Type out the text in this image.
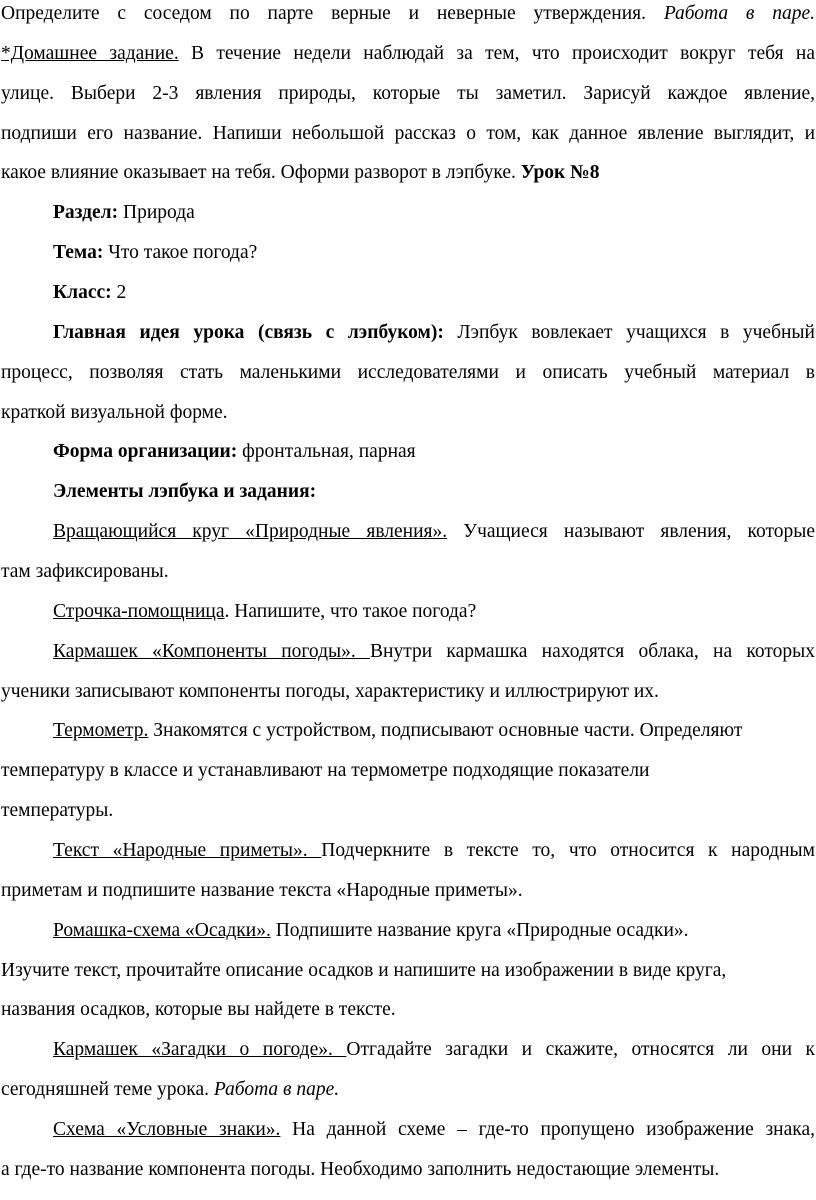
Определите с соседом по парте верные и неверные утверждения. Работа в паре.
*Домашнее задание. В течение недели наблюдай за тем, что происходит вокруг тебя на
улице. Выбери 2-3 явления природы, которые ты заметил. Зарисуй каждое явление,
подпиши его название. Напиши небольшой рассказ о том, как данное явление выглядит, и
какое влияние оказывает на тебя. Оформи разворот в лэпбуке. Урок №8
Раздел: Природа
Тема: Что такое погода?
Класс: 2
Главная идея урока (связь с лэпбуком): Лэпбук вовлекает учащихся в учебный
процесс, позволяя стать маленькими исследователями и описать учебный материал в
краткой визуальной форме.
Форма организации: фронтальная, парная
Элементы лэпбука и задания:
Вращающийся круг «Природные явления». Учащиеся называют явления, которые
там зафиксированы.
Строчка-помощница. Напишите, что такое погода?
Кармашек «Компоненты погоды». Внутри кармашка находятся облака, на которых
ученики записывают компоненты погоды, характеристику и иллюстрируют их.
Термометр. Знакомятся с устройством, подписывают основные части. Определяют
температуру в классе и устанавливают на термометре подходящие показатели
температуры.
Текст «Народные приметы». Подчеркните в тексте то, что относится к народным
приметам и подпишите название текста «Народные приметы».
Ромашка-схема «Осадки». Подпишите название круга «Природные осадки».
Изучите текст, прочитайте описание осадков и напишите на изображении в виде круга,
названия осадков, которые вы найдете в тексте.
Кармашек «Загадки о погоде». Отгадайте загадки и скажите, относятся ли они к
сегодняшней теме урока. Работа в паре.
Схема «Условные знаки». На данной схеме – где-то пропущено изображение знака,
а где-то название компонента погоды. Необходимо заполнить недостающие элементы.
